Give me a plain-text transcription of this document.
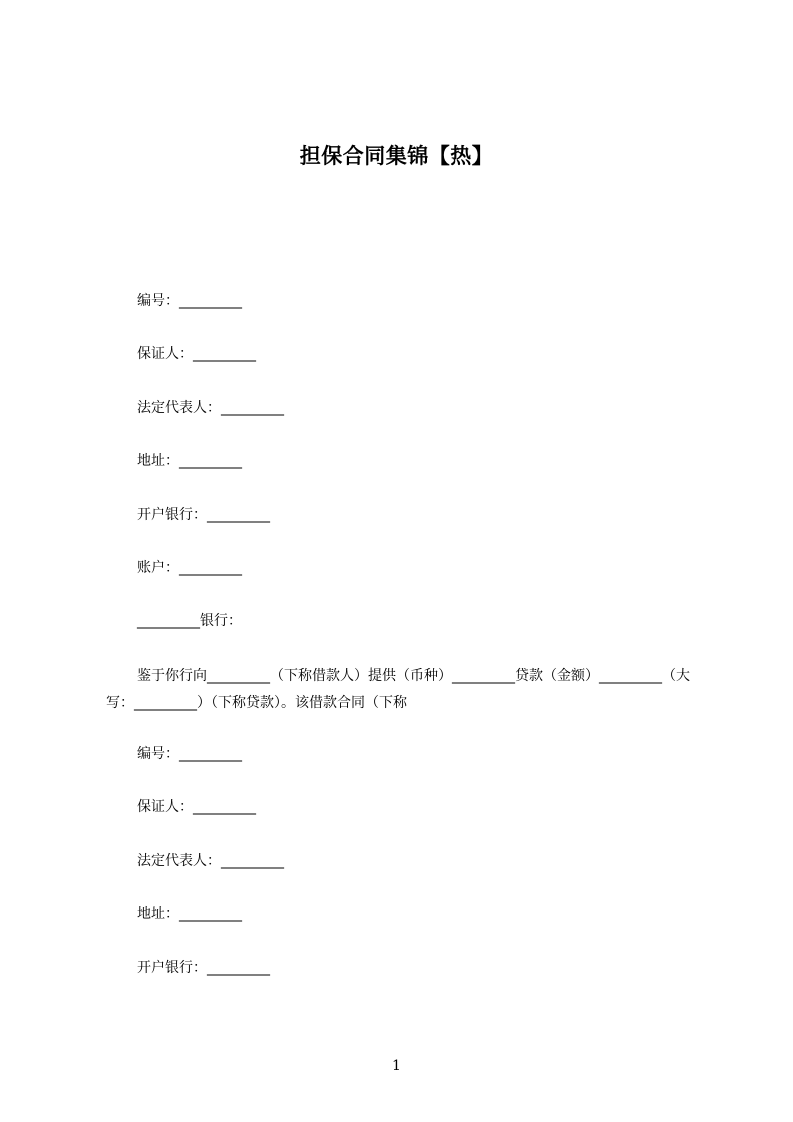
担保合同集锦【热】
编号：_________
保证人：_________
法定代表人：_________
地址：_________
开户银行：_________
账户：_________
_________银行：
鉴于你行向_________（下称借款人）提供（币种）_________贷款（金额）_________（大写：_________）（下称贷款）。该借款合同（下称
编号：_________
保证人：_________
法定代表人：_________
地址：_________
开户银行：_________
1
